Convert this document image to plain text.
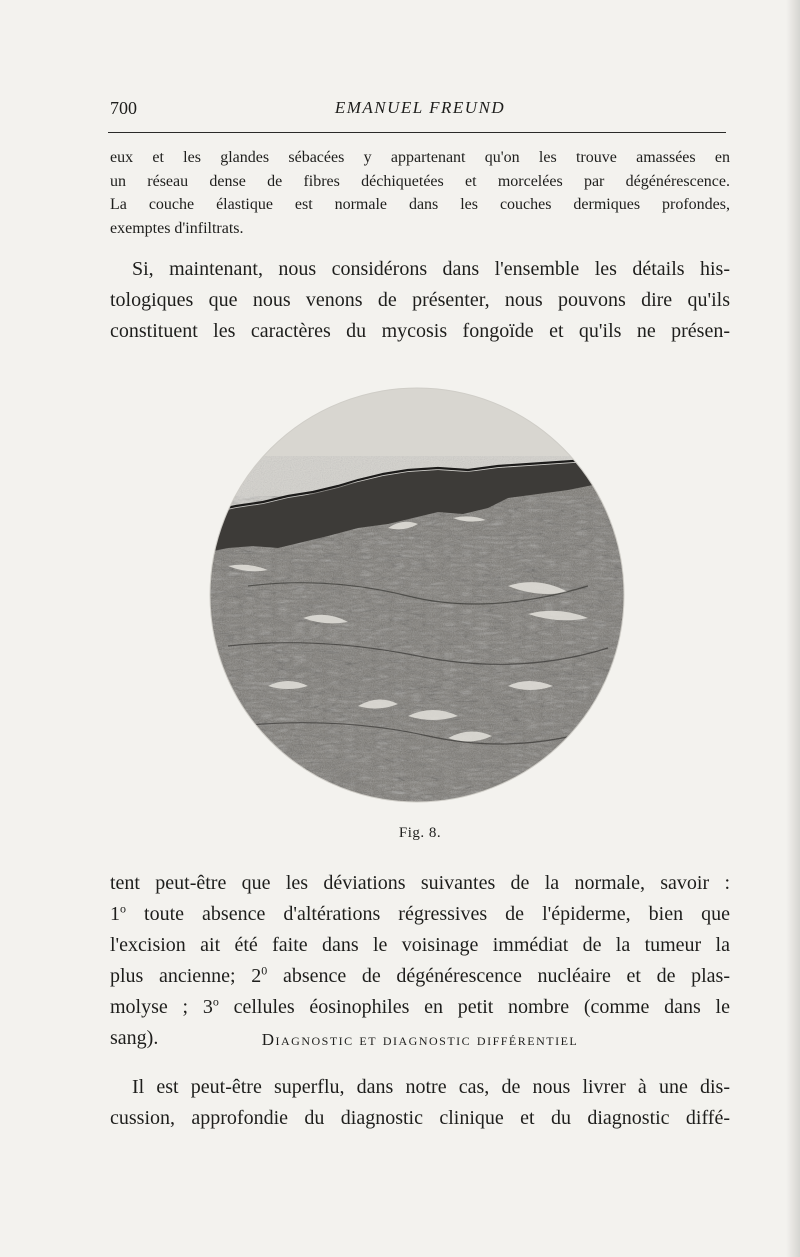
700	EMANUEL FREUND

eux et les glandes sébacées y appartenant qu'on les trouve amassées en
un réseau dense de fibres déchiquetées et morcelées par dégénérescence.
La couche élastique est normale dans les couches dermiques profondes,
exemptes d'infiltrats.

Si, maintenant, nous considérons dans l'ensemble les détails his-
tologiques que nous venons de présenter, nous pouvons dire qu'ils
constituent les caractères du mycosis fongoïde et qu'ils ne présen-

Fig. 8.

tent peut-être que les déviations suivantes de la normale, savoir :
1$^o$ toute absence d'altérations régressives de l'épiderme, bien que
l'excision ait été faite dans le voisinage immédiat de la tumeur la
plus ancienne; $2^0$ absence de dégénérescence nucléaire et de plas-
molyse ; 3$^o$ cellules éosinophiles en petit nombre (comme dans le
sang).	Diagnostic et diagnostic différentiel

Il est peut-être superflu, dans notre cas, de nous livrer à une dis-
cussion, approfondie du diagnostic clinique et du diagnostic diffé-
